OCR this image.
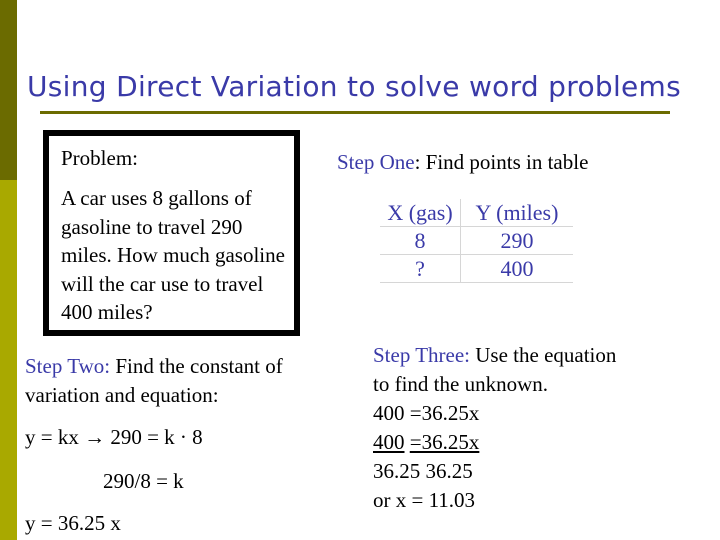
Using Direct Variation to solve word problems
Problem:
A car uses 8 gallons of gasoline to travel 290 miles. How much gasoline will the car use to travel 400 miles?
Step One: Find points in table
X (gas)	Y (miles)
8	290
?	400
Step Two: Find the constant of variation and equation:
y = kx → 290 = k · 8
290/8 = k
y = 36.25 x
Step Three: Use the equation
to find the unknown.
400 =36.25x
400 =36.25x
36.25 36.25
or x = 11.03
